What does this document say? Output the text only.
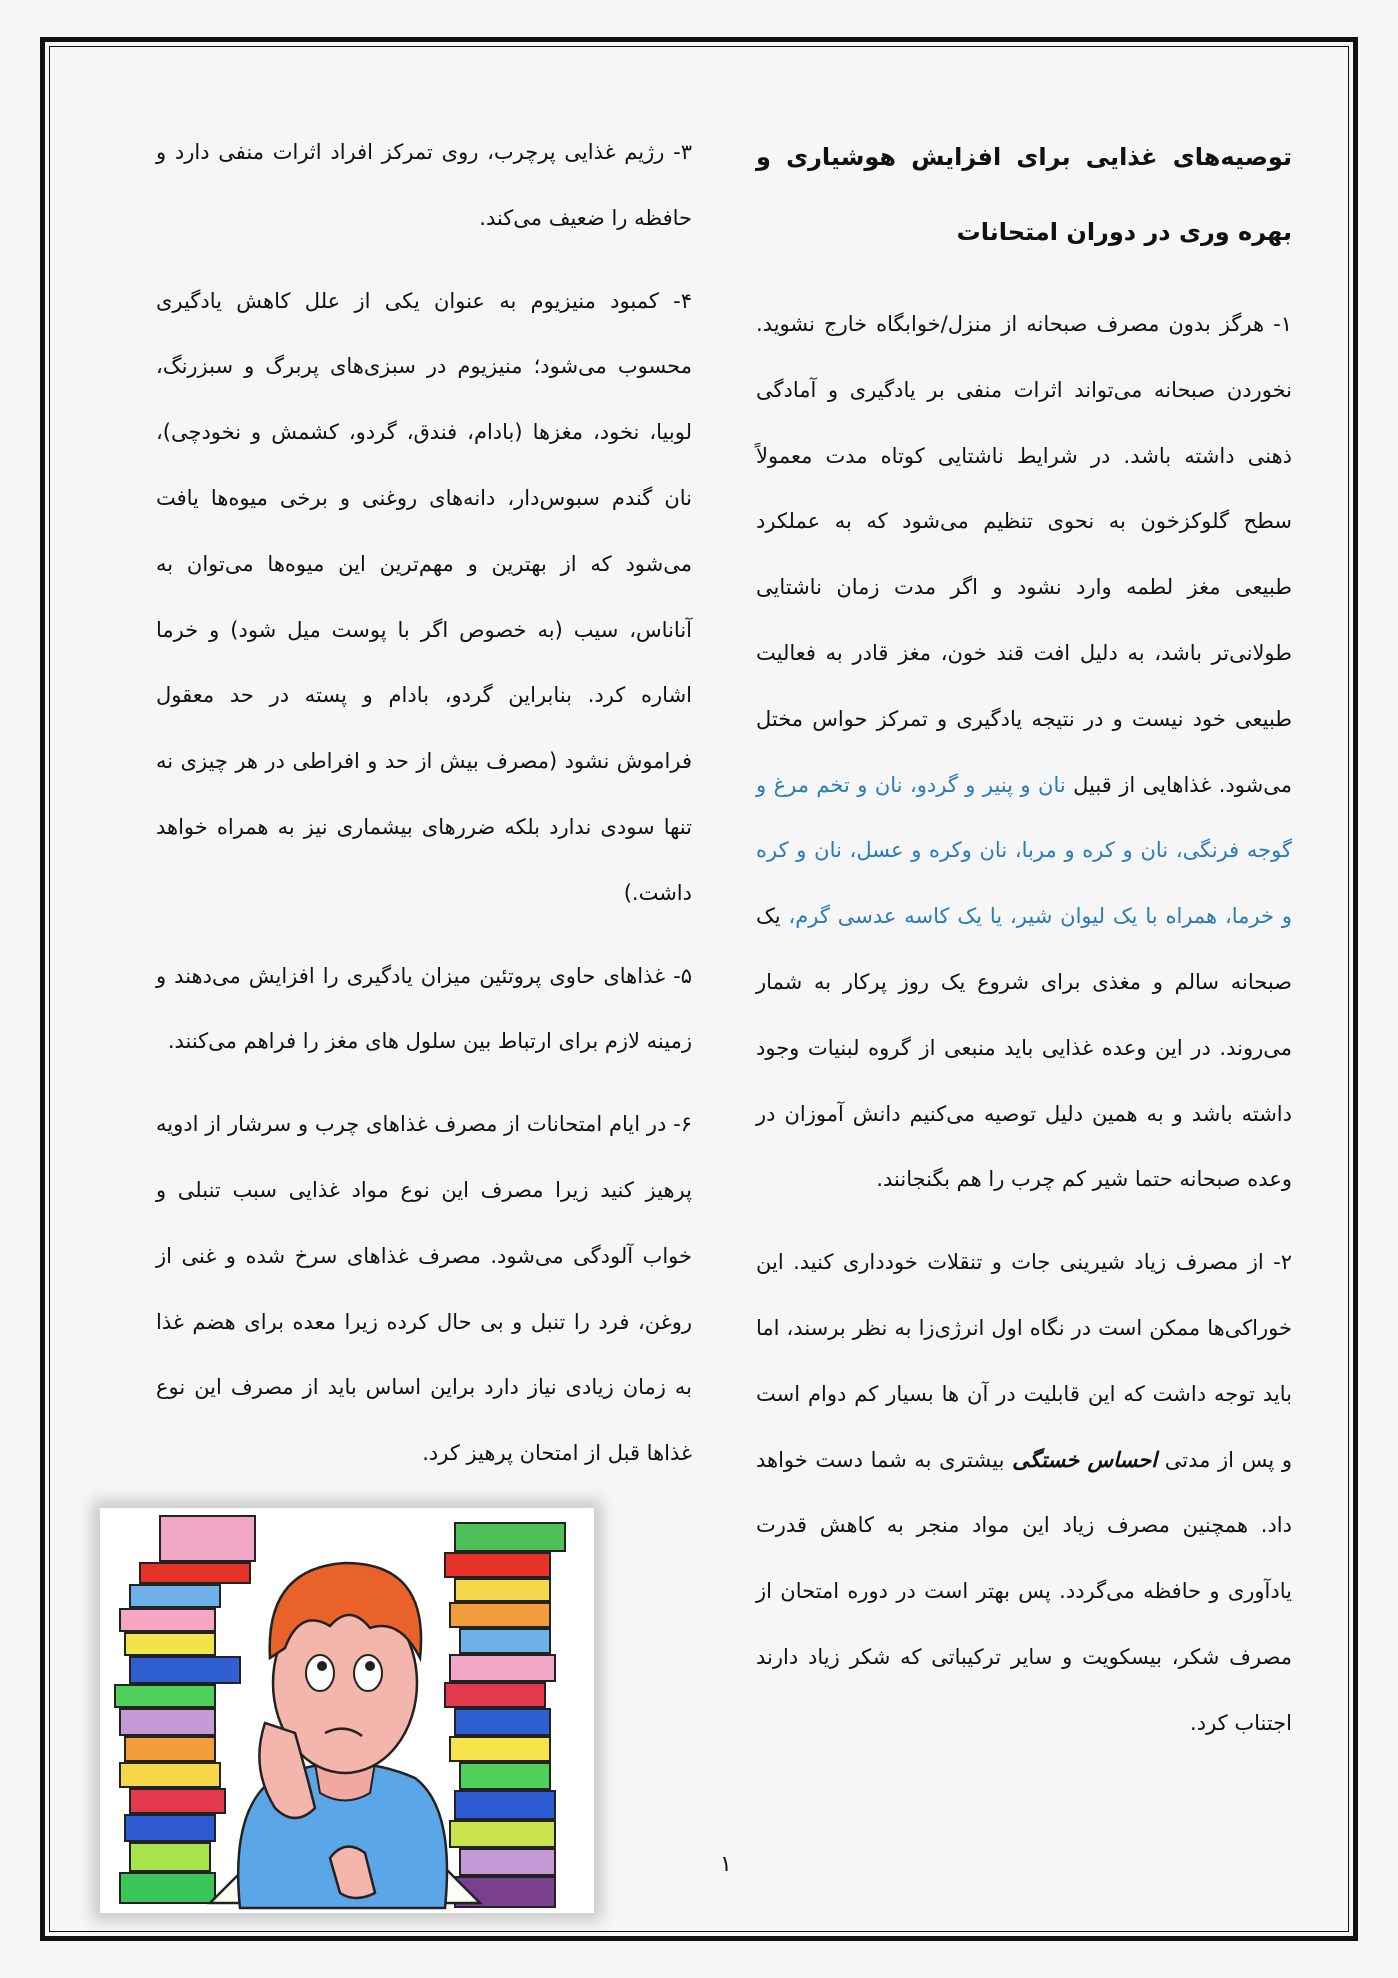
توصیه‌های غذایی برای افزایش هوشیاری و بهره وری در دوران امتحانات

۱- هرگز بدون مصرف صبحانه از منزل/خوابگاه خارج نشوید. نخوردن صبحانه می‌تواند اثرات منفی بر یادگیری و آمادگی ذهنی داشته باشد. در شرایط ناشتایی کوتاه مدت معمولاً سطح گلوکزخون به نحوی تنظیم می‌شود که به عملکرد طبیعی مغز لطمه وارد نشود و اگر مدت زمان ناشتایی طولانی‌تر باشد، به دلیل افت قند خون، مغز قادر به فعالیت طبیعی خود نیست و در نتیجه یادگیری و تمرکز حواس مختل می‌شود. غذاهایی از قبیل نان و پنیر و گردو، نان و تخم مرغ و گوجه فرنگی، نان و کره و مربا، نان وکره و عسل، نان و کره و خرما، همراه با یک لیوان شیر، یا یک کاسه عدسی گرم، یک صبحانه سالم و مغذی برای شروع یک روز پرکار به شمار می‌روند. در این وعده غذایی باید منبعی از گروه لبنیات وجود داشته باشد و به همین دلیل توصیه می‌کنیم دانش آموزان در وعده صبحانه حتما شیر کم چرب را هم بگنجانند.

۲- از مصرف زیاد شیرینی جات و تنقلات خودداری کنید. این خوراکی‌ها ممکن است در نگاه اول انرژی‌زا به نظر برسند، اما باید توجه داشت که این قابلیت در آن ها بسیار کم دوام است و پس از مدتی احساس خستگی بیشتری به شما دست خواهد داد. همچنین مصرف زیاد این مواد منجر به کاهش قدرت یادآوری و حافظه می‌گردد. پس بهتر است در دوره امتحان از مصرف شکر، بیسکویت و سایر ترکیباتی که شکر زیاد دارند اجتناب کرد.

۳- رژیم غذایی پرچرب، روی تمرکز افراد اثرات منفی دارد و حافظه را ضعیف می‌کند.

۴- کمبود منیزیوم به عنوان یکی از علل کاهش یادگیری محسوب می‌شود؛ منیزیوم در سبزی‌های پربرگ و سبزرنگ، لوبیا، نخود، مغزها (بادام، فندق، گردو، کشمش و نخودچی)، نان گندم سبوس‌دار، دانه‌های روغنی و برخی میوه‌ها یافت می‌شود که از بهترین و مهم‌ترین این میوه‌ها می‌توان به آناناس، سیب (به خصوص اگر با پوست میل شود) و خرما اشاره کرد. بنابراین گردو، بادام و پسته در حد معقول فراموش نشود (مصرف بیش از حد و افراطی در هر چیزی نه تنها سودی ندارد بلکه ضررهای بیشماری نیز به همراه خواهد داشت.)

۵- غذاهای حاوی پروتئین میزان یادگیری را افزایش می‌دهند و زمینه لازم برای ارتباط بین سلول های مغز را فراهم می‌کنند.

۶- در ایام امتحانات از مصرف غذاهای چرب و سرشار از ادویه پرهیز کنید زیرا مصرف این نوع مواد غذایی سبب تنبلی و خواب آلودگی می‌شود. مصرف غذاهای سرخ شده و غنی از روغن، فرد را تنبل و بی حال کرده زیرا معده برای هضم غذا به زمان زیادی نیاز دارد براین اساس باید از مصرف این نوع غذاها قبل از امتحان پرهیز کرد.

۱
